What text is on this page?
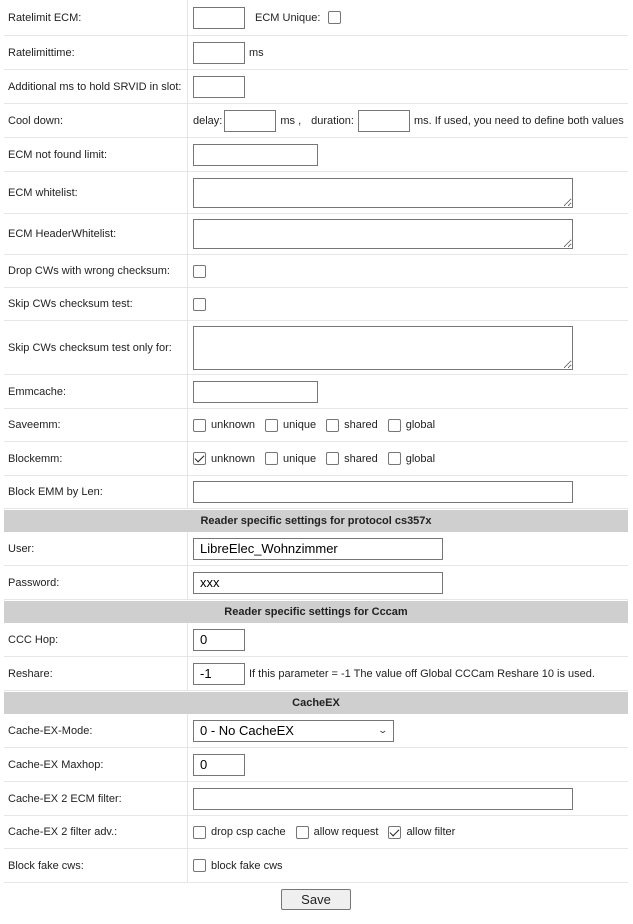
Ratelimit ECM:	ECM Unique:
Ratelimittime:	ms
Additional ms to hold SRVID in slot:
Cool down:	delay:	ms , duration:	ms. If used, you need to define both values
ECM not found limit:
ECM whitelist:
ECM HeaderWhitelist:
Drop CWs with wrong checksum:
Skip CWs checksum test:
Skip CWs checksum test only for:
Emmcache:
Saveemm:	unknown	unique	shared	global
Blockemm:	unknown	unique	shared	global
Block EMM by Len:
Reader specific settings for protocol cs357x
User:
LibreElec_Wohnzimmer
Password:
xxx
Reader specific settings for Cccam
CCC Hop:
0
Reshare:
-1	If this parameter = -1 The value off Global CCCam Reshare 10 is used.
CacheEX
Cache-EX-Mode:	0 - No CacheEX	⌄
Cache-EX Maxhop:
0
Cache-EX 2 ECM filter:
Cache-EX 2 filter adv.:	drop csp cache	allow request	allow filter
Block fake cws:	block fake cws
Save
